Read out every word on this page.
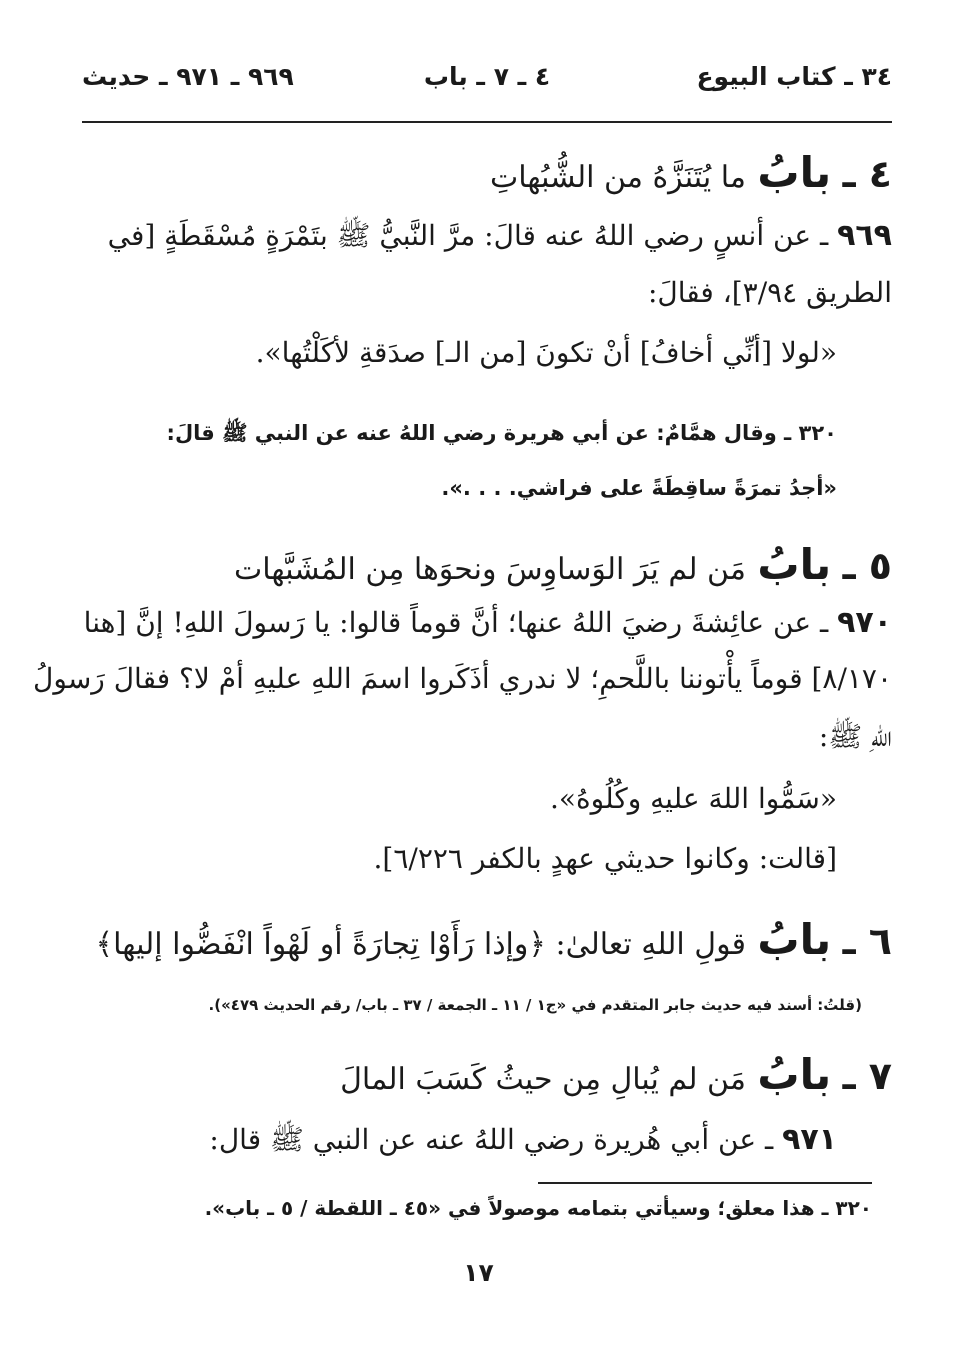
٣٤ ـ كتاب البيوع
٤ ـ ٧ ـ باب
٩٦٩ ـ ٩٧١ ـ حديث
٤ ـ بابُ ما يُتَنَزَّهُ من الشُّبُهاتِ
٩٦٩ ـ عن أنسٍ رضي اللهُ عنه قالَ: مرَّ النَّبيُّ ﷺ بتَمْرَةٍ مُسْقَطَةٍ [في
الطريق ٣/٩٤]، فقالَ:
«لولا [أنِّي أخافُ] أنْ تكونَ [من الـ] صدَقةِ لأكَلْتُها».
٣٢٠ ـ وقال همَّامٌ: عن أبي هريرة رضي اللهُ عنه عن النبي ﷺ قالَ:
«أجدُ تمرَةً ساقِطَةً على فراشي. . . .».
٥ ـ بابُ مَن لم يَرَ الوَساوِسَ ونحوَها مِن المُشَبَّهات
٩٧٠ ـ عن عائِشةَ رضيَ اللهُ عنها؛ أنَّ قوماً قالوا: يا رَسولَ اللهِ! إنَّ [هنا
٨/١٧٠] قوماً يأْتوننا باللَّحمِ؛ لا ندري أذَكَروا اسمَ اللهِ عليهِ أمْ لا؟ فقالَ رَسولُ
اللهِ ﷺ:
«سَمُّوا اللهَ عليهِ وكُلُوهُ».
[قالت: وكانوا حديثي عهدٍ بالكفر ٦/٢٢٦].
٦ ـ بابُ قولِ اللهِ تعالىٰ: ﴿وإذا رَأَوْا تِجارَةً أو لَهْواً انْفَضُّوا إليها﴾
(قلتُ: أسند فيه حديث جابر المتقدم في «ج١ / ١١ ـ الجمعة / ٣٧ ـ باب/ رقم الحديث ٤٧٩»).
٧ ـ بابُ مَن لم يُبالِ مِن حيثُ كَسَبَ المالَ
٩٧١ ـ عن أبي هُريرة رضي اللهُ عنه عن النبي ﷺ قال:
٣٢٠ ـ هذا معلق؛ وسيأتي بتمامه موصولاً في «٤٥ ـ اللقطة / ٥ ـ باب».
١٧
